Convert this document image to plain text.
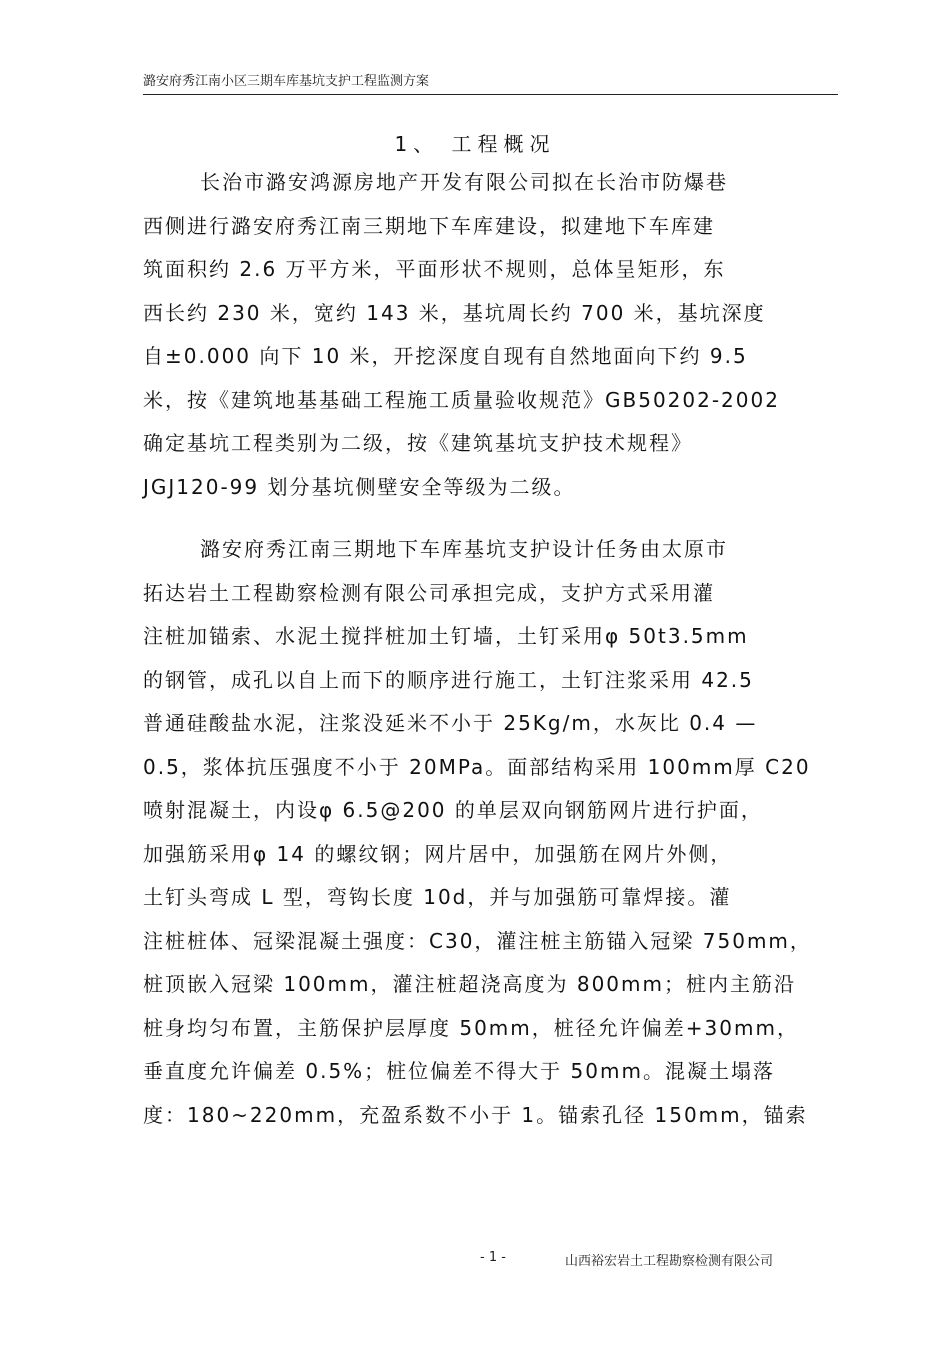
潞安府秀江南小区三期车库基坑支护工程监测方案
1、 工程概况
长治市潞安鸿源房地产开发有限公司拟在长治市防爆巷
西侧进行潞安府秀江南三期地下车库建设，拟建地下车库建
筑面积约 2.6 万平方米，平面形状不规则，总体呈矩形，东
西长约 230 米，宽约 143 米，基坑周长约 700 米，基坑深度
自±0.000 向下 10 米，开挖深度自现有自然地面向下约 9.5
米，按《建筑地基基础工程施工质量验收规范》GB50202-2002
确定基坑工程类别为二级，按《建筑基坑支护技术规程》
JGJ120-99 划分基坑侧壁安全等级为二级。
潞安府秀江南三期地下车库基坑支护设计任务由太原市
拓达岩土工程勘察检测有限公司承担完成，支护方式采用灌
注桩加锚索、水泥土搅拌桩加土钉墙，土钉采用φ 50t3.5mm
的钢管，成孔以自上而下的顺序进行施工，土钉注浆采用 42.5
普通硅酸盐水泥，注浆没延米不小于 25Kg/m，水灰比 0.4 —
0.5，浆体抗压强度不小于 20MPa。面部结构采用 100mm厚 C20
喷射混凝土，内设φ 6.5@200 的单层双向钢筋网片进行护面，
加强筋采用φ 14 的螺纹钢；网片居中，加强筋在网片外侧，
土钉头弯成 L 型，弯钩长度 10d，并与加强筋可靠焊接。灌
注桩桩体、冠梁混凝土强度：C30，灌注桩主筋锚入冠梁 750mm，
桩顶嵌入冠梁 100mm，灌注桩超浇高度为 800mm；桩内主筋沿
桩身均匀布置，主筋保护层厚度 50mm，桩径允许偏差+30mm，
垂直度允许偏差 0.5%；桩位偏差不得大于 50mm。混凝土塌落
度：180~220mm，充盈系数不小于 1。锚索孔径 150mm，锚索
- 1 -	山西裕宏岩土工程勘察检测有限公司
